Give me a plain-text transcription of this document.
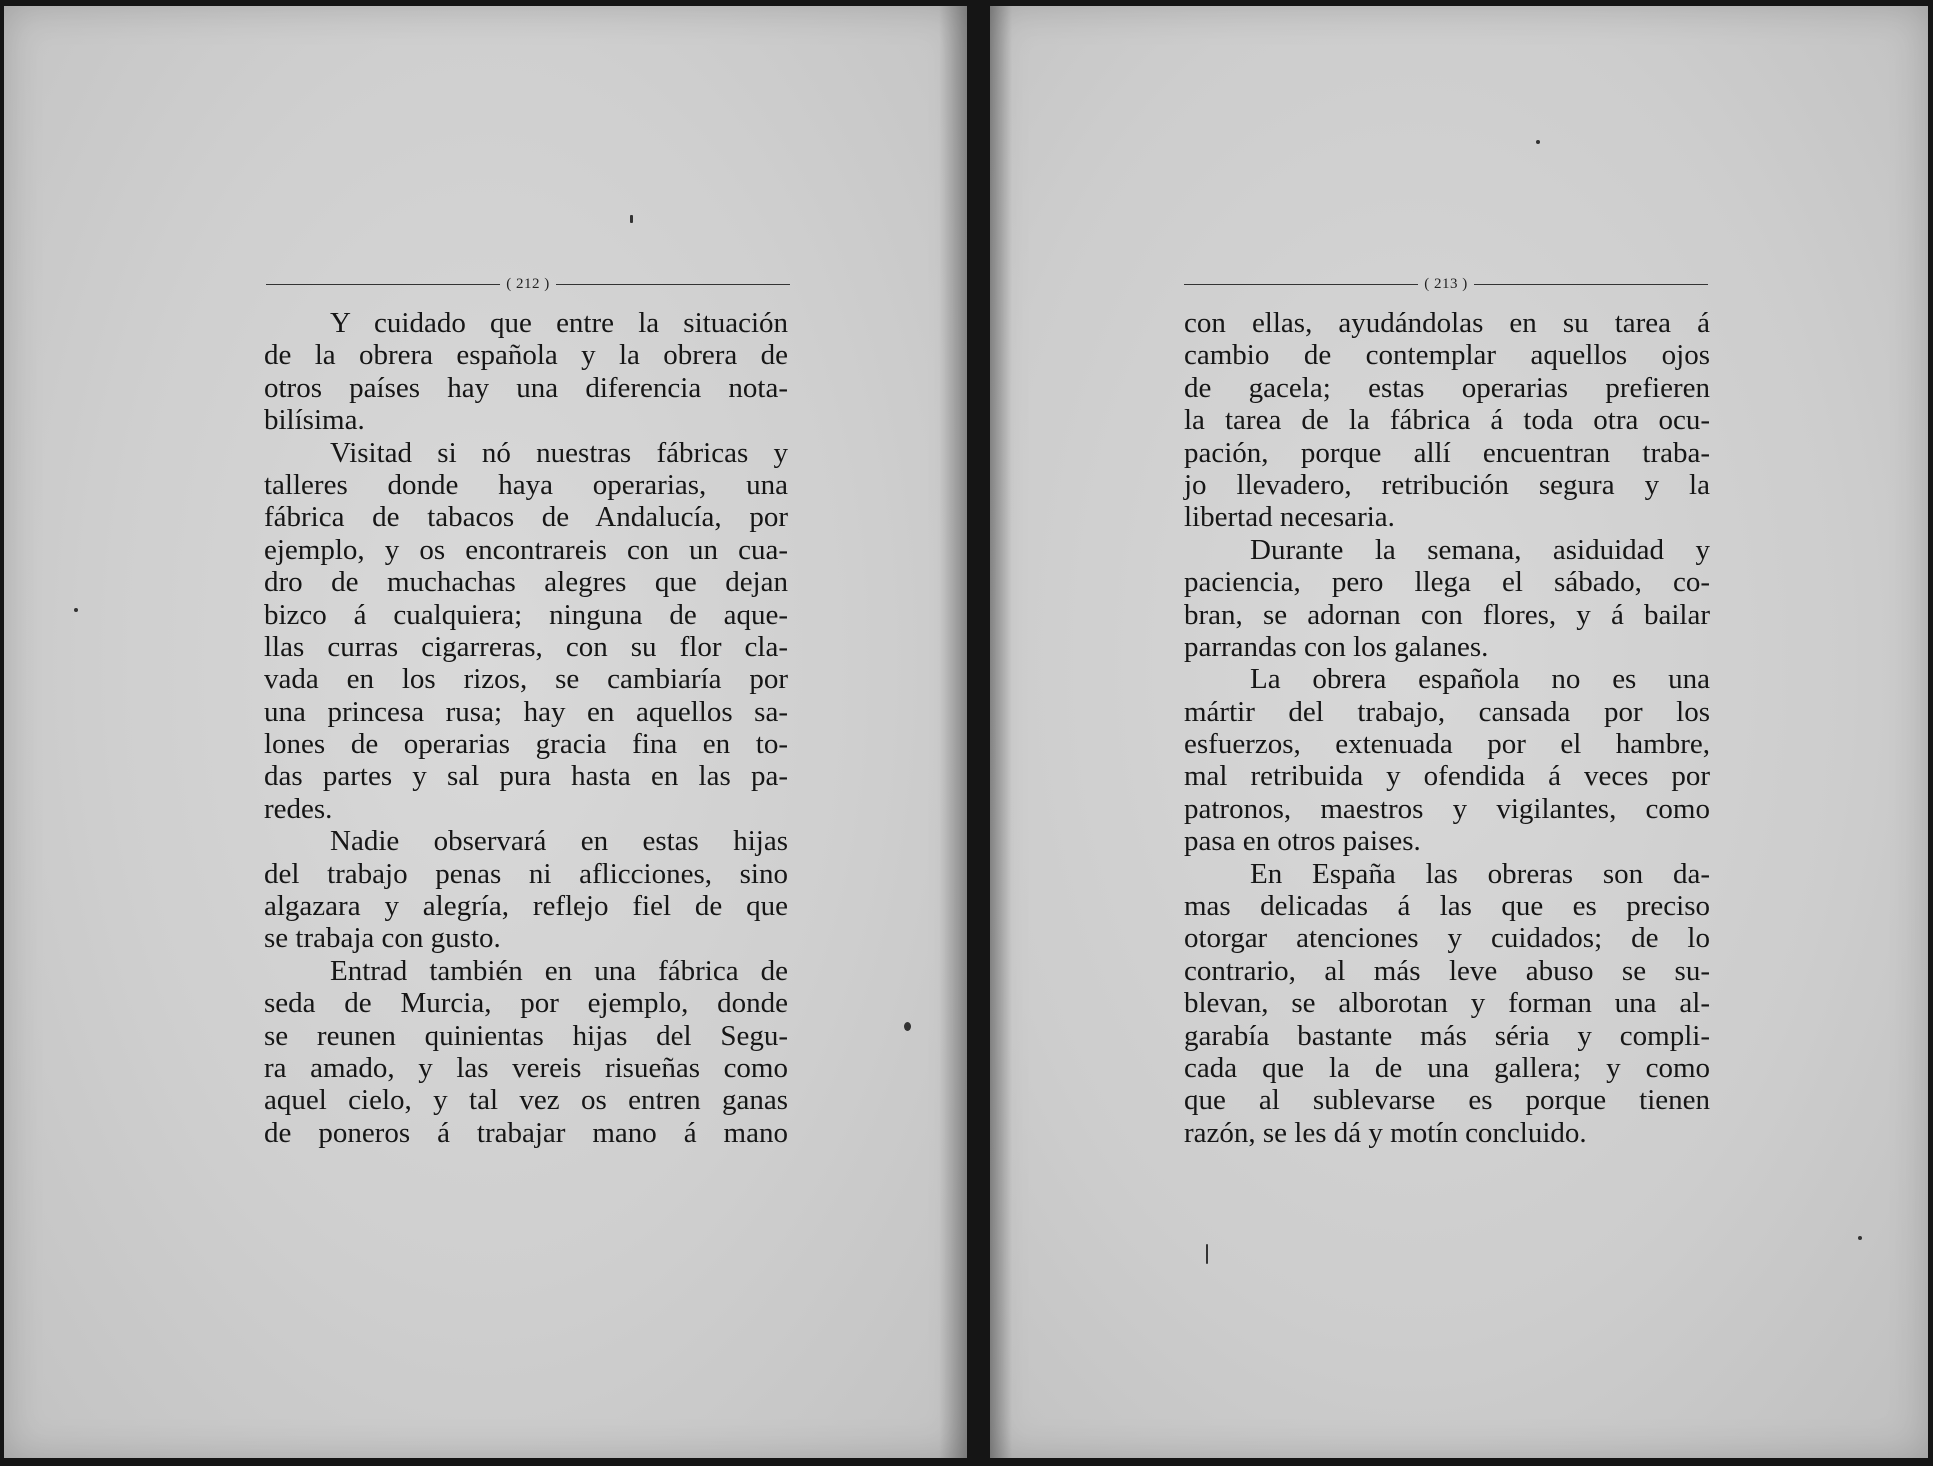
( 212 )	( 213 )
Y cuidado que entre la situación
de la obrera española y la obrera de
otros países hay una diferencia nota-
bilísima.
Visitad si nó nuestras fábricas y
talleres donde haya operarias, una
fábrica de tabacos de Andalucía, por
ejemplo, y os encontrareis con un cua-
dro de muchachas alegres que dejan
bizco á cualquiera; ninguna de aque-
llas curras cigarreras, con su flor cla-
vada en los rizos, se cambiaría por
una princesa rusa; hay en aquellos sa-
lones de operarias gracia fina en to-
das partes y sal pura hasta en las pa-
redes.
Nadie observará en estas hijas
del trabajo penas ni aflicciones, sino
algazara y alegría, reflejo fiel de que
se trabaja con gusto.
Entrad también en una fábrica de
seda de Murcia, por ejemplo, donde
se reunen quinientas hijas del Segu-
ra amado, y las vereis risueñas como
aquel cielo, y tal vez os entren ganas
de poneros á trabajar mano á mano
con ellas, ayudándolas en su tarea á
cambio de contemplar aquellos ojos
de gacela; estas operarias prefieren
la tarea de la fábrica á toda otra ocu-
pación, porque allí encuentran traba-
jo llevadero, retribución segura y la
libertad necesaria.
Durante la semana, asiduidad y
paciencia, pero llega el sábado, co-
bran, se adornan con flores, y á bailar
parrandas con los galanes.
La obrera española no es una
mártir del trabajo, cansada por los
esfuerzos, extenuada por el hambre,
mal retribuida y ofendida á veces por
patronos, maestros y vigilantes, como
pasa en otros paises.
En España las obreras son da-
mas delicadas á las que es preciso
otorgar atenciones y cuidados; de lo
contrario, al más leve abuso se su-
blevan, se alborotan y forman una al-
garabía bastante más séria y compli-
cada que la de una gallera; y como
que al sublevarse es porque tienen
razón, se les dá y motín concluido.
